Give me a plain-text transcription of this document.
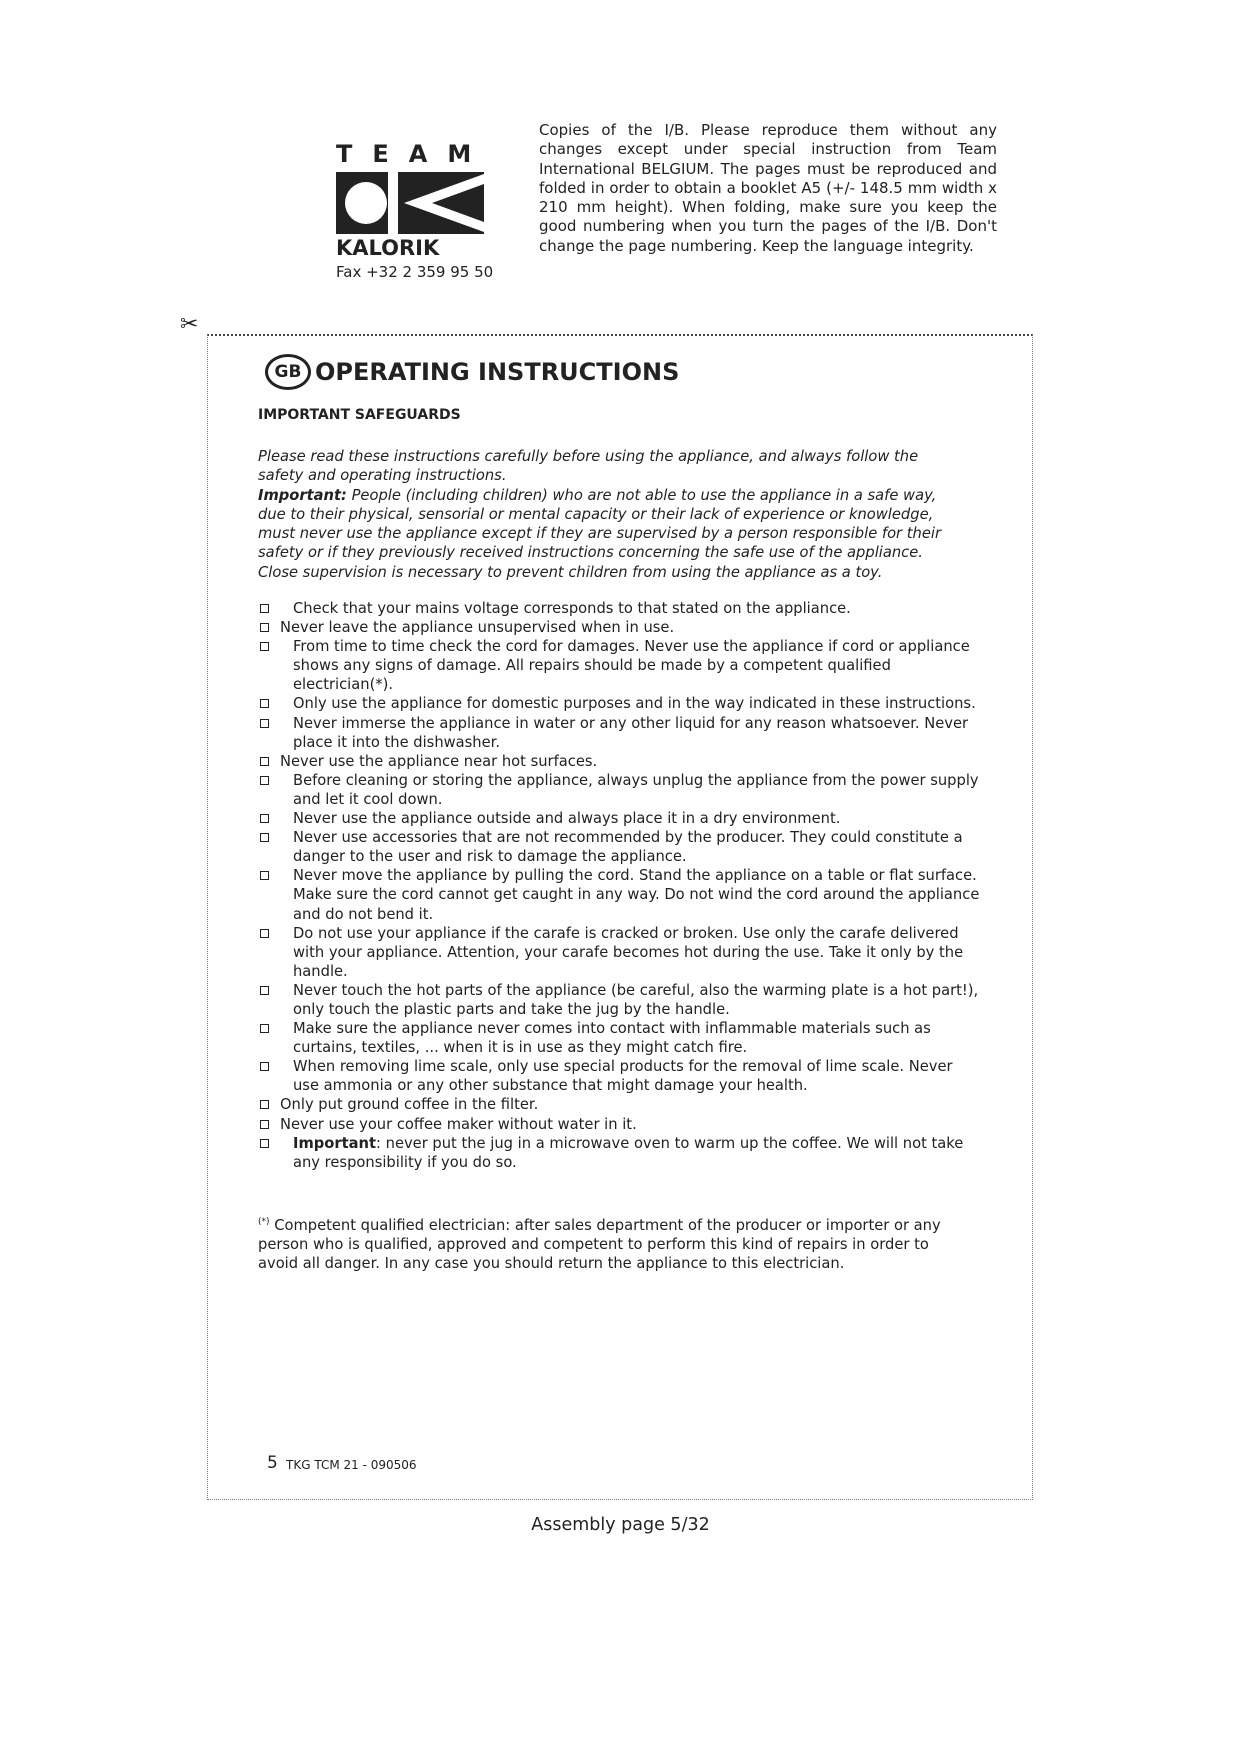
TEAM
KALORIK
Fax +32 2 359 95 50
Copies of the I/B. Please reproduce them without any changes except under special instruction from Team International BELGIUM. The pages must be reproduced and folded in order to obtain a booklet A5 (+/- 148.5 mm width x 210 mm height). When folding, make sure you keep the good numbering when you turn the pages of the I/B. Don't change the page numbering. Keep the language integrity.
✂
GB OPERATING INSTRUCTIONS
IMPORTANT SAFEGUARDS

Please read these instructions carefully before using the appliance, and always follow the safety and operating instructions.

Important: People (including children) who are not able to use the appliance in a safe way, due to their physical, sensorial or mental capacity or their lack of experience or knowledge, must never use the appliance except if they are supervised by a person responsible for their safety or if they previously received instructions concerning the safe use of the appliance.

Close supervision is necessary to prevent children from using the appliance as a toy.

Check that your mains voltage corresponds to that stated on the appliance.
Never leave the appliance unsupervised when in use.
From time to time check the cord for damages. Never use the appliance if cord or appliance shows any signs of damage. All repairs should be made by a competent qualified electrician(*).
Only use the appliance for domestic purposes and in the way indicated in these instructions.
Never immerse the appliance in water or any other liquid for any reason whatsoever. Never place it into the dishwasher.
Never use the appliance near hot surfaces.
Before cleaning or storing the appliance, always unplug the appliance from the power supply and let it cool down.
Never use the appliance outside and always place it in a dry environment.
Never use accessories that are not recommended by the producer. They could constitute a danger to the user and risk to damage the appliance.
Never move the appliance by pulling the cord. Stand the appliance on a table or flat surface. Make sure the cord cannot get caught in any way. Do not wind the cord around the appliance and do not bend it.
Do not use your appliance if the carafe is cracked or broken. Use only the carafe delivered with your appliance. Attention, your carafe becomes hot during the use. Take it only by the handle.
Never touch the hot parts of the appliance (be careful, also the warming plate is a hot part!), only touch the plastic parts and take the jug by the handle.
Make sure the appliance never comes into contact with inflammable materials such as curtains, textiles, ... when it is in use as they might catch fire.
When removing lime scale, only use special products for the removal of lime scale. Never use ammonia or any other substance that might damage your health.
Only put ground coffee in the filter.
Never use your coffee maker without water in it.
Important: never put the jug in a microwave oven to warm up the coffee. We will not take any responsibility if you do so.
(*) Competent qualified electrician: after sales department of the producer or importer or any person who is qualified, approved and competent to perform this kind of repairs in order to avoid all danger. In any case you should return the appliance to this electrician.
5 TKG TCM 21 - 090506
Assembly page 5/32
